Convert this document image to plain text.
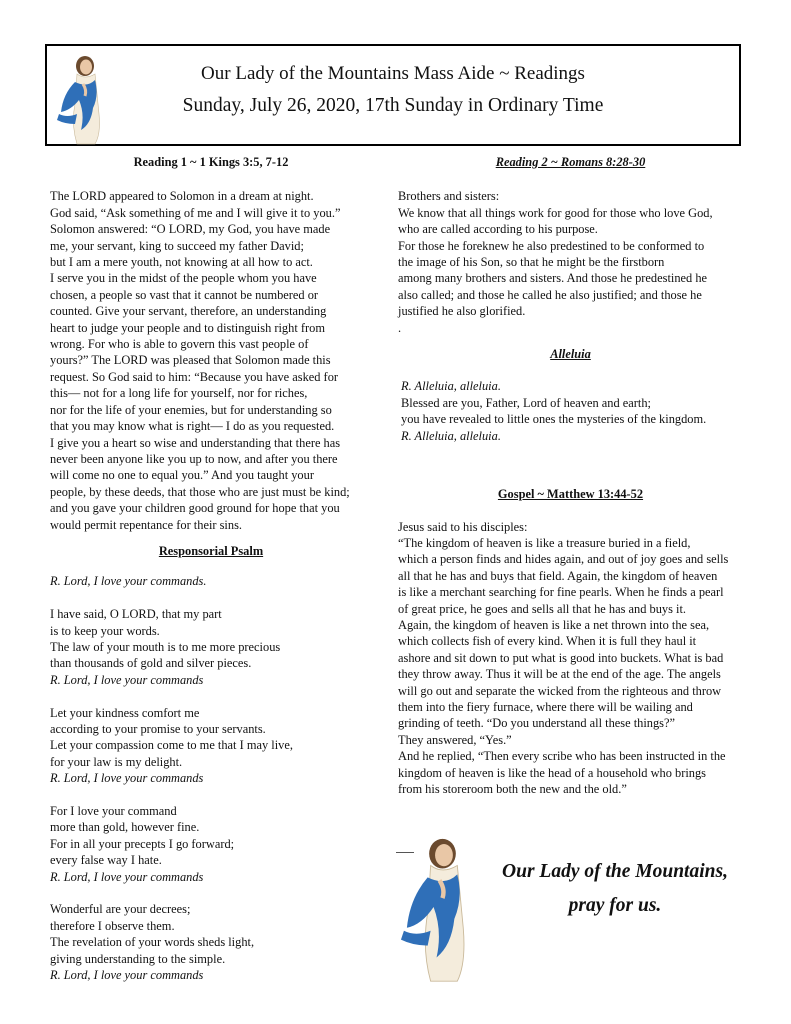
Our Lady of the Mountains Mass Aide ~ Readings
Sunday, July 26, 2020, 17th Sunday in Ordinary Time
Reading 1 ~ 1 Kings 3:5, 7-12
The LORD appeared to Solomon in a dream at night.
God said, “Ask something of me and I will give it to you.”
Solomon answered: “O LORD, my God, you have made
me, your servant, king to succeed my father David;
but I am a mere youth, not knowing at all how to act.
I serve you in the midst of the people whom you have
chosen, a people so vast that it cannot be numbered or
counted. Give your servant, therefore, an understanding
heart to judge your people and to distinguish right from
wrong. For who is able to govern this vast people of
yours?” The LORD was pleased that Solomon made this
request. So God said to him: “Because you have asked for
this— not for a long life for yourself, nor for riches,
nor for the life of your enemies, but for understanding so
that you may know what is right— I do as you requested.
I give you a heart so wise and understanding that there has
never been anyone like you up to now, and after you there
will come no one to equal you.” And you taught your
people, by these deeds, that those who are just must be kind;
and you gave your children good ground for hope that you
would permit repentance for their sins.
Responsorial Psalm
R. Lord, I love your commands.
I have said, O LORD, that my part
is to keep your words.
The law of your mouth is to me more precious
than thousands of gold and silver pieces.
R. Lord, I love your commands
Let your kindness comfort me
according to your promise to your servants.
Let your compassion come to me that I may live,
for your law is my delight.
R. Lord, I love your commands
For I love your command
more than gold, however fine.
For in all your precepts I go forward;
every false way I hate.
R. Lord, I love your commands
Wonderful are your decrees;
therefore I observe them.
The revelation of your words sheds light,
giving understanding to the simple.
R. Lord, I love your commands
Reading 2 ~ Romans 8:28-30
Brothers and sisters:
We know that all things work for good for those who love God,
who are called according to his purpose.
For those he foreknew he also predestined to be conformed to
the image of his Son, so that he might be the firstborn
among many brothers and sisters. And those he predestined he
also called; and those he called he also justified; and those he
justified he also glorified.
.
Alleluia
R. Alleluia, alleluia.
Blessed are you, Father, Lord of heaven and earth;
you have revealed to little ones the mysteries of the kingdom.
R. Alleluia, alleluia.
Gospel ~ Matthew 13:44-52
Jesus said to his disciples:
“The kingdom of heaven is like a treasure buried in a field,
which a person finds and hides again, and out of joy goes and sells
all that he has and buys that field. Again, the kingdom of heaven
is like a merchant searching for fine pearls. When he finds a pearl
of great price, he goes and sells all that he has and buys it.
Again, the kingdom of heaven is like a net thrown into the sea,
which collects fish of every kind. When it is full they haul it
ashore and sit down to put what is good into buckets. What is bad
they throw away. Thus it will be at the end of the age. The angels
will go out and separate the wicked from the righteous and throw
them into the fiery furnace, where there will be wailing and
grinding of teeth. “Do you understand all these things?”
They answered, “Yes.”
And he replied, “Then every scribe who has been instructed in the
kingdom of heaven is like the head of a household who brings
from his storeroom both the new and the old.”
Our Lady of the Mountains,
pray for us.
